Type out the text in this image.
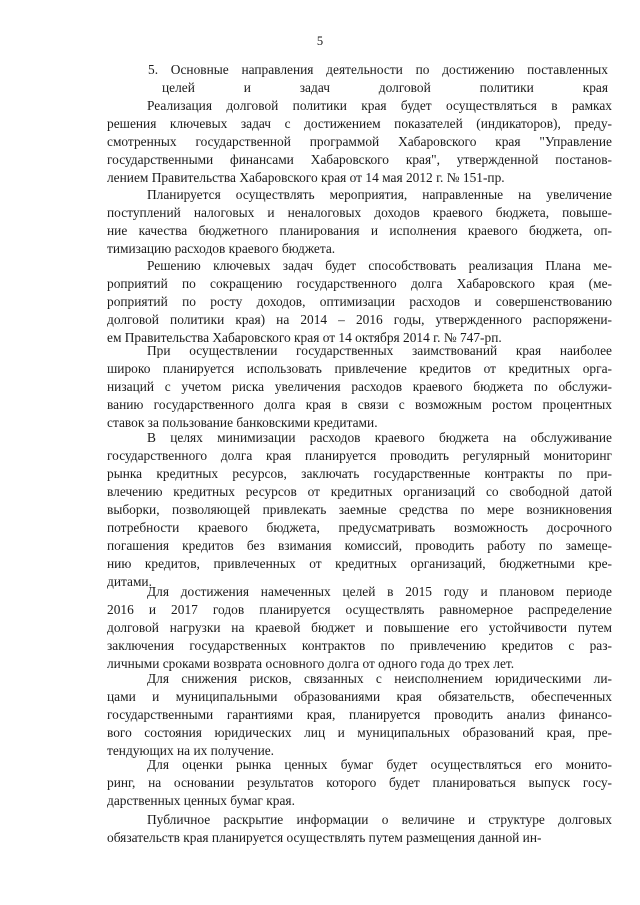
5
5. Основные направления деятельности по достижению поставленных
целей и задач долговой политики края
Реализация долговой политики края будет осуществляться в рамках
решения ключевых задач с достижением показателей (индикаторов), преду-
смотренных государственной программой Хабаровского края "Управление
государственными финансами Хабаровского края", утвержденной постанов-
лением Правительства Хабаровского края от 14 мая 2012 г. № 151-пр.
Планируется осуществлять мероприятия, направленные на увеличение
поступлений налоговых и неналоговых доходов краевого бюджета, повыше-
ние качества бюджетного планирования и исполнения краевого бюджета, оп-
тимизацию расходов краевого бюджета.
Решению ключевых задач будет способствовать реализация Плана ме-
роприятий по сокращению государственного долга Хабаровского края (ме-
роприятий по росту доходов, оптимизации расходов и совершенствованию
долговой политики края) на 2014 – 2016 годы, утвержденного распоряжени-
ем Правительства Хабаровского края от 14 октября 2014 г. № 747-рп.
При осуществлении государственных заимствований края наиболее
широко планируется использовать привлечение кредитов от кредитных орга-
низаций с учетом риска увеличения расходов краевого бюджета по обслужи-
ванию государственного долга края в связи с возможным ростом процентных
ставок за пользование банковскими кредитами.
В целях минимизации расходов краевого бюджета на обслуживание
государственного долга края планируется проводить регулярный мониторинг
рынка кредитных ресурсов, заключать государственные контракты по при-
влечению кредитных ресурсов от кредитных организаций со свободной датой
выборки, позволяющей привлекать заемные средства по мере возникновения
потребности краевого бюджета, предусматривать возможность досрочного
погашения кредитов без взимания комиссий, проводить работу по замеще-
нию кредитов, привлеченных от кредитных организаций, бюджетными кре-
дитами.
Для достижения намеченных целей в 2015 году и плановом периоде
2016 и 2017 годов планируется осуществлять равномерное распределение
долговой нагрузки на краевой бюджет и повышение его устойчивости путем
заключения государственных контрактов по привлечению кредитов с раз-
личными сроками возврата основного долга от одного года до трех лет.
Для снижения рисков, связанных с неисполнением юридическими ли-
цами и муниципальными образованиями края обязательств, обеспеченных
государственными гарантиями края, планируется проводить анализ финансо-
вого состояния юридических лиц и муниципальных образований края, пре-
тендующих на их получение.
Для оценки рынка ценных бумаг будет осуществляться его монито-
ринг, на основании результатов которого будет планироваться выпуск госу-
дарственных ценных бумаг края.
Публичное раскрытие информации о величине и структуре долговых
обязательств края планируется осуществлять путем размещения данной ин-
